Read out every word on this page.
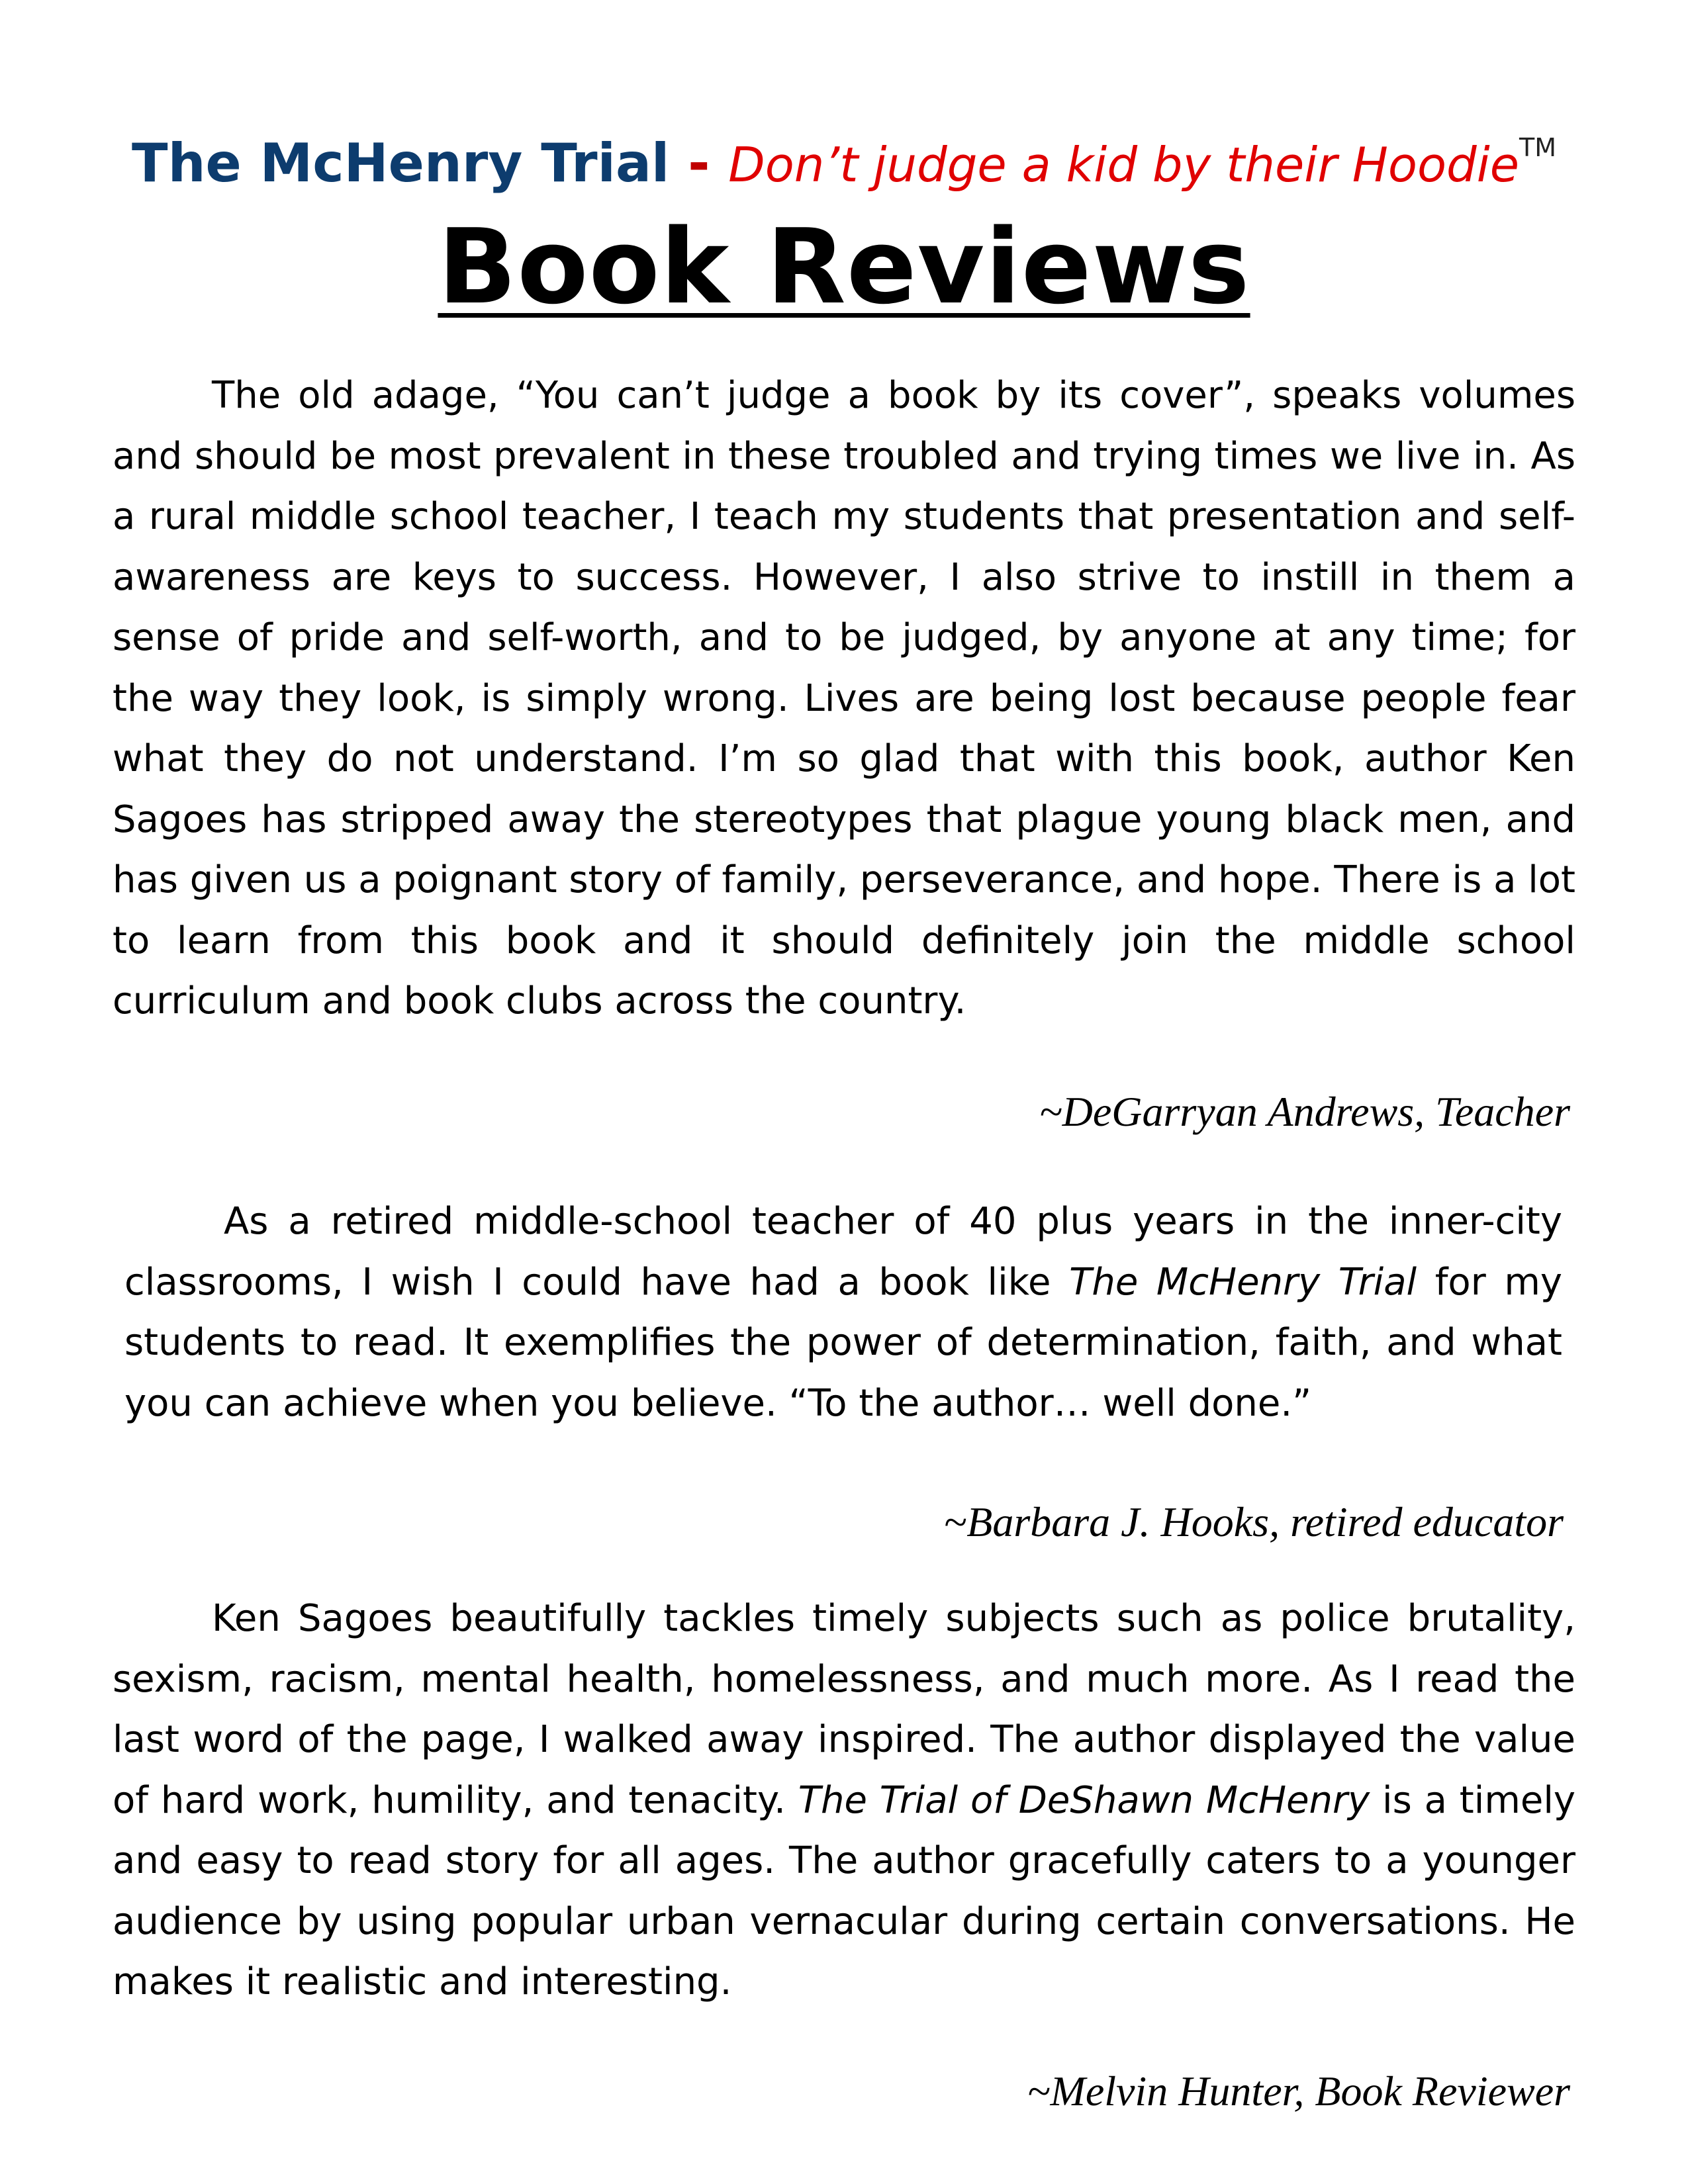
The McHenry Trial - Don’t judge a kid by their Hoodie™
Book Reviews

The old adage, “You can’t judge a book by its cover”, speaks volumes and should be most prevalent in these troubled and trying times we live in. As a rural middle school teacher, I teach my students that presentation and self-awareness are keys to success. However, I also strive to instill in them a sense of pride and self-worth, and to be judged, by anyone at any time; for the way they look, is simply wrong. Lives are being lost because people fear what they do not understand. I’m so glad that with this book, author Ken Sagoes has stripped away the stereotypes that plague young black men, and has given us a poignant story of family, perseverance, and hope. There is a lot to learn from this book and it should definitely join the middle school curriculum and book clubs across the country.

~DeGarryan Andrews, Teacher

As a retired middle-school teacher of 40 plus years in the inner-city classrooms, I wish I could have had a book like The McHenry Trial for my students to read. It exemplifies the power of determination, faith, and what you can achieve when you believe. “To the author… well done.”

~Barbara J. Hooks, retired educator

Ken Sagoes beautifully tackles timely subjects such as police brutality, sexism, racism, mental health, homelessness, and much more. As I read the last word of the page, I walked away inspired. The author displayed the value of hard work, humility, and tenacity. The Trial of DeShawn McHenry is a timely and easy to read story for all ages. The author gracefully caters to a younger audience by using popular urban vernacular during certain conversations. He makes it realistic and interesting.

~Melvin Hunter, Book Reviewer
